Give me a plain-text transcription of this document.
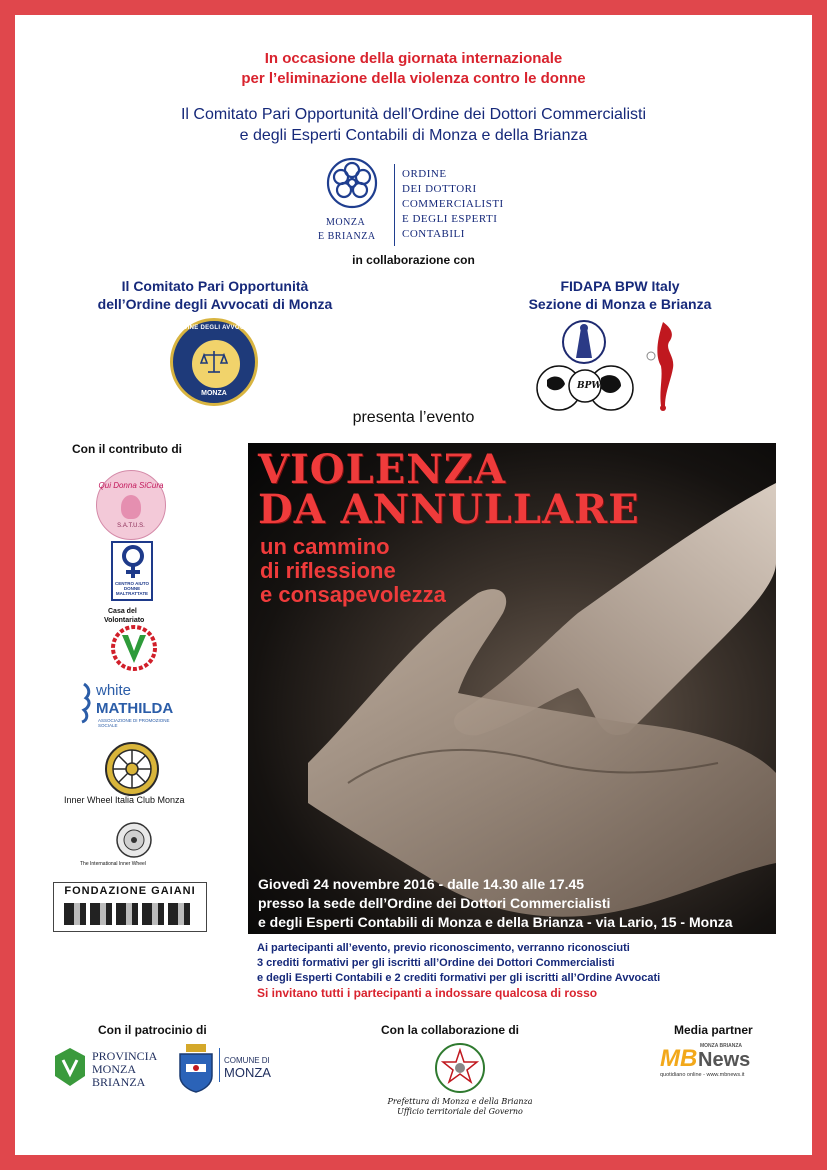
In occasione della giornata internazionale
per l’eliminazione della violenza contro le donne
Il Comitato Pari Opportunità dell’Ordine dei Dottori Commercialisti
e degli Esperti Contabili di Monza e della Brianza
MONZA
E BRIANZA
ORDINE
DEI DOTTORI
COMMERCIALISTI
E DEGLI ESPERTI
CONTABILI
in collaborazione con
Il Comitato Pari Opportunità
dell’Ordine degli Avvocati di Monza
ORDINE DEGLI AVVOCATI
MONZA
FIDAPA BPW Italy
Sezione di Monza e Brianza
BPW
presenta l’evento
Con il contributo di
Qui Donna SiCura
S.A.T.U.S.
CENTRO AIUTO DONNE MALTRATTATE
Casa del
Volontariato
white
MATHILDA
ASSOCIAZIONE DI PROMOZIONE SOCIALE
Inner Wheel Italia Club Monza
The International Inner Wheel
FONDAZIONE GAIANI
VIOLENZA
DA ANNULLARE
un cammino
di riflessione
e consapevolezza
Giovedì 24 novembre 2016 - dalle 14.30 alle 17.45
presso la sede dell’Ordine dei Dottori Commercialisti
e degli Esperti Contabili di Monza e della Brianza - via Lario, 15 - Monza
Ai partecipanti all’evento, previo riconoscimento, verranno riconosciuti
3 crediti formativi per gli iscritti all’Ordine dei Dottori Commercialisti
e degli Esperti Contabili e 2 crediti formativi per gli iscritti all’Ordine Avvocati
Si invitano tutti i partecipanti a indossare qualcosa di rosso
Con il patrocinio di	Con la collaborazione di	Media partner
PROVINCIA
MONZA
BRIANZA
COMUNE DI
MONZA
Prefettura di Monza e della Brianza
Ufficio territoriale del Governo
MONZA BRIANZA
MB News
quotidiano online - www.mbnews.it
